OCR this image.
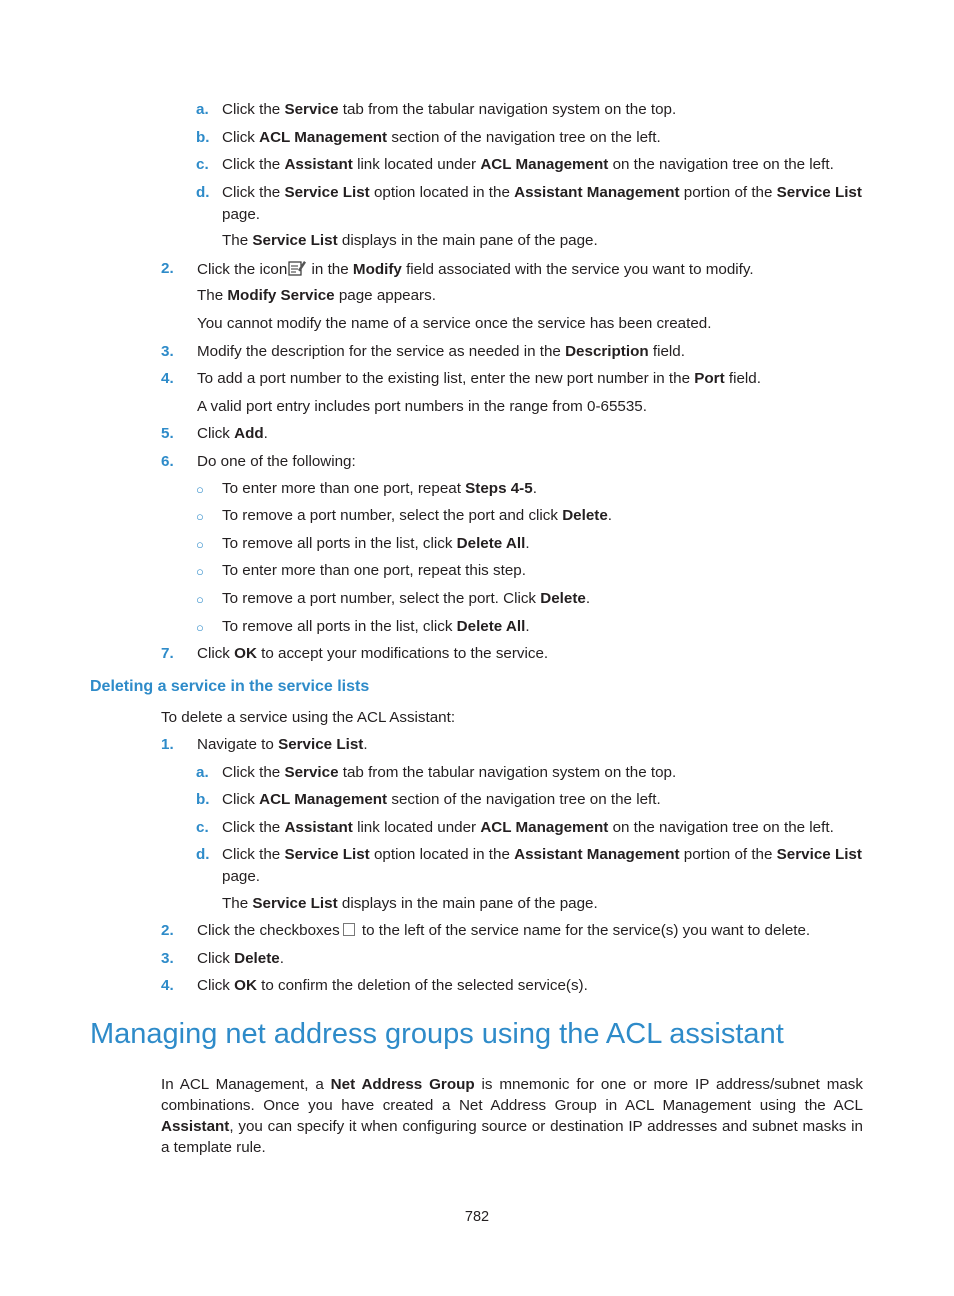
a. Click the Service tab from the tabular navigation system on the top.
b. Click ACL Management section of the navigation tree on the left.
c. Click the Assistant link located under ACL Management on the navigation tree on the left.
d. Click the Service List option located in the Assistant Management portion of the Service List
page.
The Service List displays in the main pane of the page.
2. Click the icon in the Modify field associated with the service you want to modify.
The Modify Service page appears.
You cannot modify the name of a service once the service has been created.
3. Modify the description for the service as needed in the Description field.
4. To add a port number to the existing list, enter the new port number in the Port field.
A valid port entry includes port numbers in the range from 0-65535.
5. Click Add.
6. Do one of the following:
○ To enter more than one port, repeat Steps 4-5.
○ To remove a port number, select the port and click Delete.
○ To remove all ports in the list, click Delete All.
○ To enter more than one port, repeat this step.
○ To remove a port number, select the port. Click Delete.
○ To remove all ports in the list, click Delete All.
7. Click OK to accept your modifications to the service.
Deleting a service in the service lists
To delete a service using the ACL Assistant:
1. Navigate to Service List.
a. Click the Service tab from the tabular navigation system on the top.
b. Click ACL Management section of the navigation tree on the left.
c. Click the Assistant link located under ACL Management on the navigation tree on the left.
d. Click the Service List option located in the Assistant Management portion of the Service List
page.
The Service List displays in the main pane of the page.
2. Click the checkboxes to the left of the service name for the service(s) you want to delete.
3. Click Delete.
4. Click OK to confirm the deletion of the selected service(s).
Managing net address groups using the ACL assistant
In ACL Management, a Net Address Group is mnemonic for one or more IP address/subnet mask combinations. Once you have created a Net Address Group in ACL Management using the ACL Assistant, you can specify it when configuring source or destination IP addresses and subnet masks in a template rule.
782
